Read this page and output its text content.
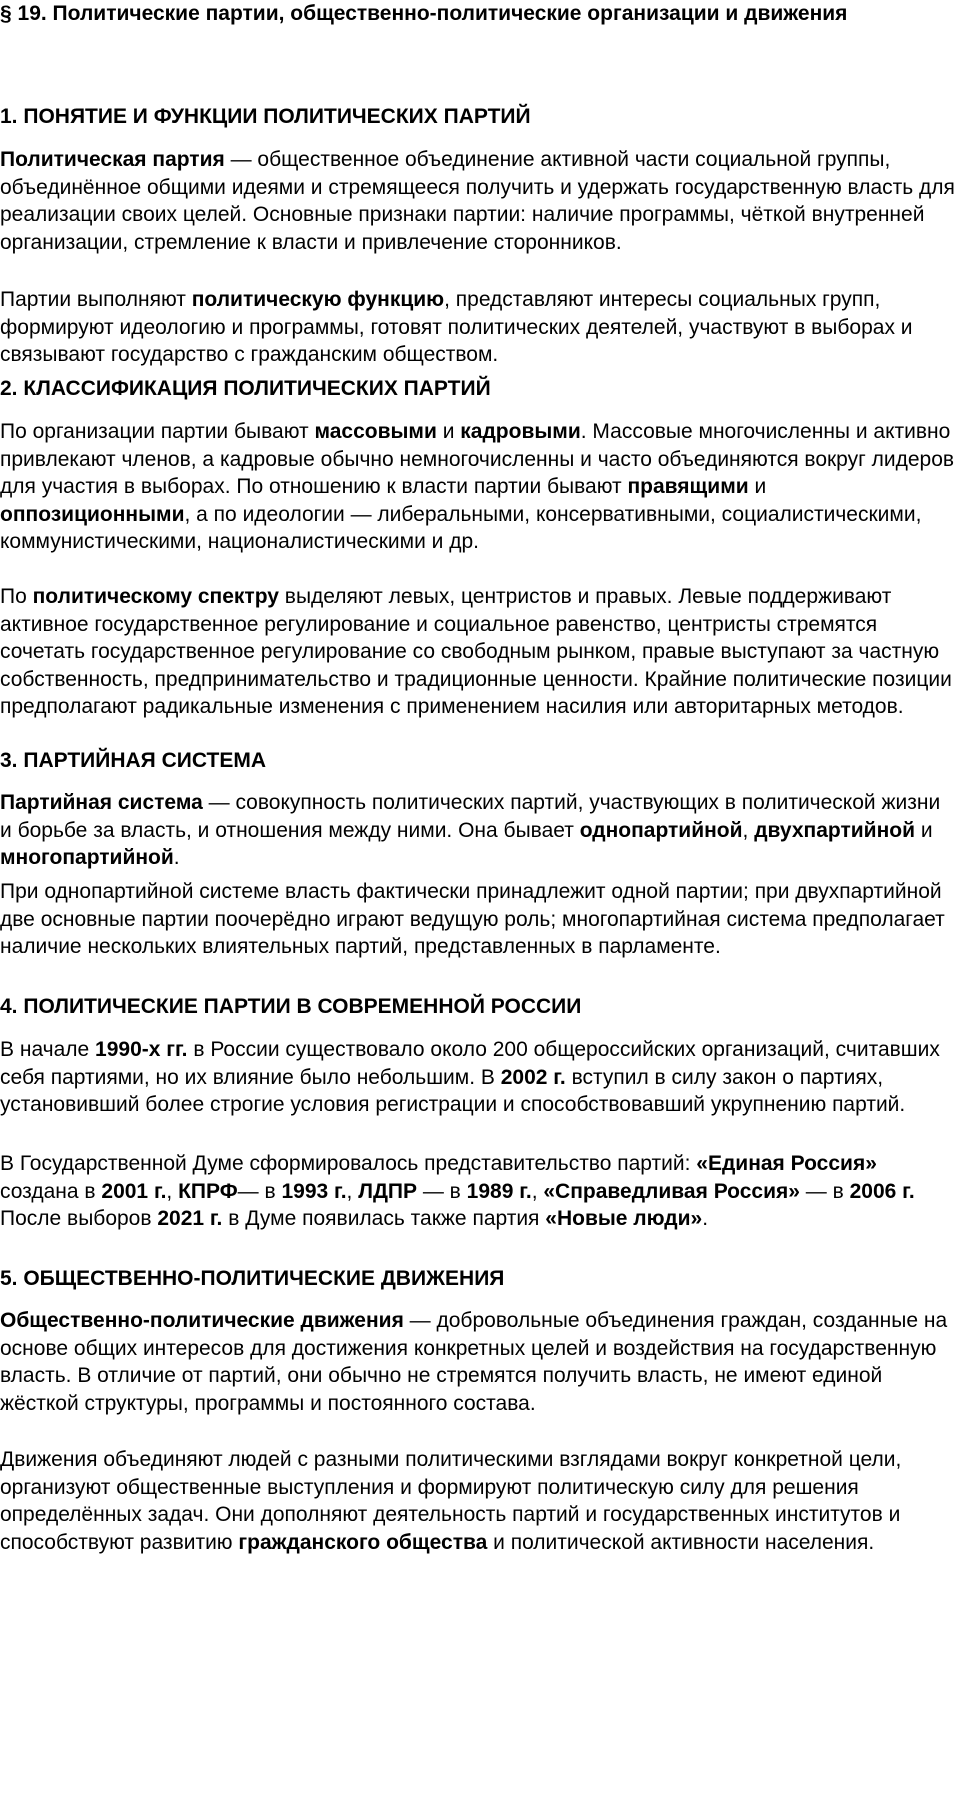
§ 19. Политические партии, общественно-политические организации и движения
1. ПОНЯТИЕ И ФУНКЦИИ ПОЛИТИЧЕСКИХ ПАРТИЙ

Политическая партия — общественное объединение активной части социальной группы, объединённое общими идеями и стремящееся получить и удержать государственную власть для реализации своих целей. Основные признаки партии: наличие программы, чёткой внутренней организации, стремление к власти и привлечение сторонников.

Партии выполняют политическую функцию, представляют интересы социальных групп, формируют идеологию и программы, готовят политических деятелей, участвуют в выборах и связывают государство с гражданским обществом.

2. КЛАССИФИКАЦИЯ ПОЛИТИЧЕСКИХ ПАРТИЙ

По организации партии бывают массовыми и кадровыми. Массовые многочисленны и активно привлекают членов, а кадровые обычно немногочисленны и часто объединяются вокруг лидеров для участия в выборах. По отношению к власти партии бывают правящими и оппозиционными, а по идеологии — либеральными, консервативными, социалистическими, коммунистическими, националистическими и др.

По политическому спектру выделяют левых, центристов и правых. Левые поддерживают активное государственное регулирование и социальное равенство, центристы стремятся сочетать государственное регулирование со свободным рынком, правые выступают за частную собственность, предпринимательство и традиционные ценности. Крайние политические позиции предполагают радикальные изменения с применением насилия или авторитарных методов.

3. ПАРТИЙНАЯ СИСТЕМА

Партийная система — совокупность политических партий, участвующих в политической жизни и борьбе за власть, и отношения между ними. Она бывает однопартийной, двухпартийной и многопартийной.

При однопартийной системе власть фактически принадлежит одной партии; при двухпартийной две основные партии поочерёдно играют ведущую роль; многопартийная система предполагает наличие нескольких влиятельных партий, представленных в парламенте.

4. ПОЛИТИЧЕСКИЕ ПАРТИИ В СОВРЕМЕННОЙ РОССИИ

В начале 1990-х гг. в России существовало около 200 общероссийских организаций, считавших себя партиями, но их влияние было небольшим. В 2002 г. вступил в силу закон о партиях, установивший более строгие условия регистрации и способствовавший укрупнению партий.

В Государственной Думе сформировалось представительство партий: «Единая Россия» создана в 2001 г., КПРФ— в 1993 г., ЛДПР — в 1989 г., «Справедливая Россия» — в 2006 г. После выборов 2021 г. в Думе появилась также партия «Новые люди».

5. ОБЩЕСТВЕННО-ПОЛИТИЧЕСКИЕ ДВИЖЕНИЯ

Общественно-политические движения — добровольные объединения граждан, созданные на основе общих интересов для достижения конкретных целей и воздействия на государственную власть. В отличие от партий, они обычно не стремятся получить власть, не имеют единой жёсткой структуры, программы и постоянного состава.

Движения объединяют людей с разными политическими взглядами вокруг конкретной цели, организуют общественные выступления и формируют политическую силу для решения определённых задач. Они дополняют деятельность партий и государственных институтов и способствуют развитию гражданского общества и политической активности населения.
